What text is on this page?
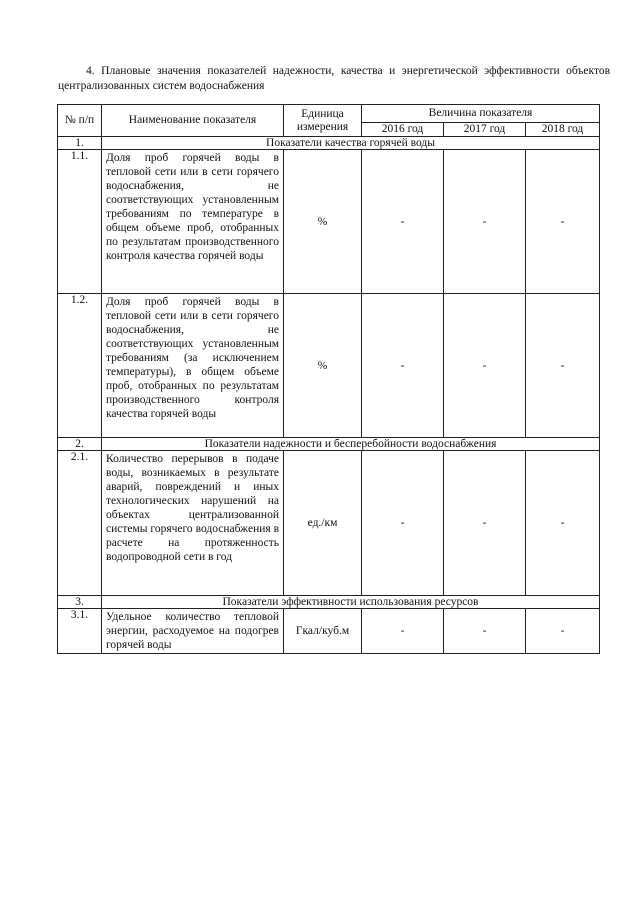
4. Плановые значения показателей надежности, качества и энергетической эффективности объектов централизованных систем водоснабжения
№ п/п	Наименование показателя	Единица измерения	Величина показателя		
			2016 год	2017 год	2018 год
1.	Показатели качества горячей воды				
1.1.	Доля проб горячей воды в тепловой сети или в сети горячего водоснабжения, не соответствующих установленным требованиям по температуре в общем объеме проб, отобранных по результатам производственного контроля качества горячей воды	%	-	-	-
1.2.	Доля проб горячей воды в тепловой сети или в сети горячего водоснабжения, не соответствующих установленным требованиям (за исключением температуры), в общем объеме проб, отобранных по результатам производственного контроля качества горячей воды	%	-	-	-
2.	Показатели надежности и бесперебойности водоснабжения				
2.1.	Количество перерывов в подаче воды, возникаемых в результате аварий, повреждений и иных технологических нарушений на объектах централизованной системы горячего водоснабжения в расчете на протяженность водопроводной сети в год	ед./км	-	-	-
3.	Показатели эффективности использования ресурсов				
3.1.	Удельное количество тепловой энергии, расходуемое на подогрев горячей воды	Гкал/куб.м	-	-	-
